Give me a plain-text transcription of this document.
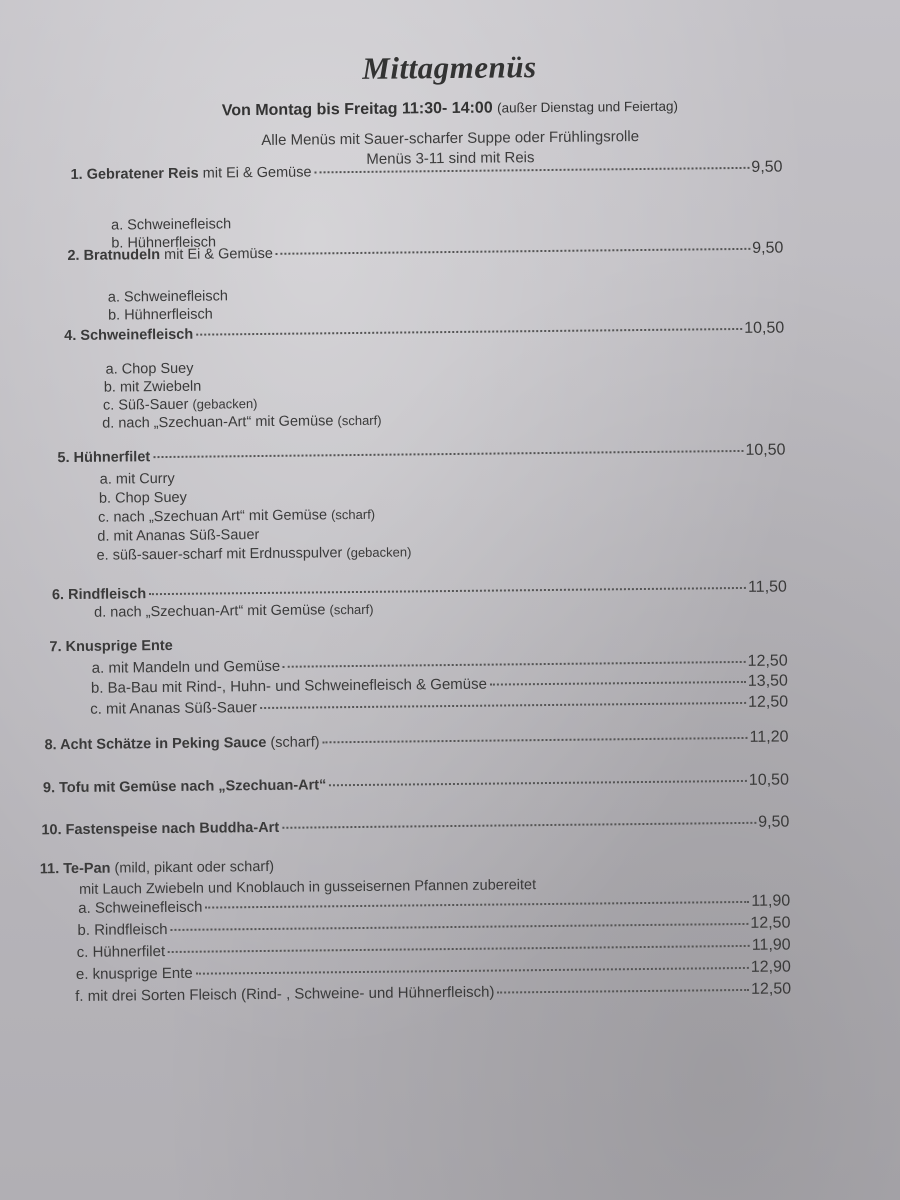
Mittagmenüs
Von Montag bis Freitag 11:30- 14:00 (außer Dienstag und Feiertag)
Alle Menüs mit Sauer-scharfer Suppe oder Frühlingsrolle
Menüs 3-11 sind mit Reis
1. Gebratener Reis mit Ei & Gemüse	9,50
a. Schweinefleisch
b. Hühnerfleisch
2. Bratnudeln mit Ei & Gemüse	9,50
a. Schweinefleisch
b. Hühnerfleisch
4. Schweinefleisch	10,50
a. Chop Suey
b. mit Zwiebeln
c. Süß-Sauer (gebacken)
d. nach „Szechuan-Art“ mit Gemüse (scharf)
5. Hühnerfilet	10,50
a. mit Curry
b. Chop Suey
c. nach „Szechuan Art“ mit Gemüse (scharf)
d. mit Ananas Süß-Sauer
e. süß-sauer-scharf mit Erdnusspulver (gebacken)
6. Rindfleisch	11,50
d. nach „Szechuan-Art“ mit Gemüse (scharf)
7. Knusprige Ente
a. mit Mandeln und Gemüse	12,50
b. Ba-Bau mit Rind-, Huhn- und Schweinefleisch & Gemüse	13,50
c. mit Ananas Süß-Sauer	12,50
8. Acht Schätze in Peking Sauce (scharf)	11,20
9. Tofu mit Gemüse nach „Szechuan-Art“	10,50
10. Fastenspeise nach Buddha-Art	9,50
11. Te-Pan (mild, pikant oder scharf)
mit Lauch Zwiebeln und Knoblauch in gusseisernen Pfannen zubereitet
a. Schweinefleisch	11,90
b. Rindfleisch	12,50
c. Hühnerfilet	11,90
e. knusprige Ente	12,90
f. mit drei Sorten Fleisch (Rind- , Schweine- und Hühnerfleisch)	12,50
